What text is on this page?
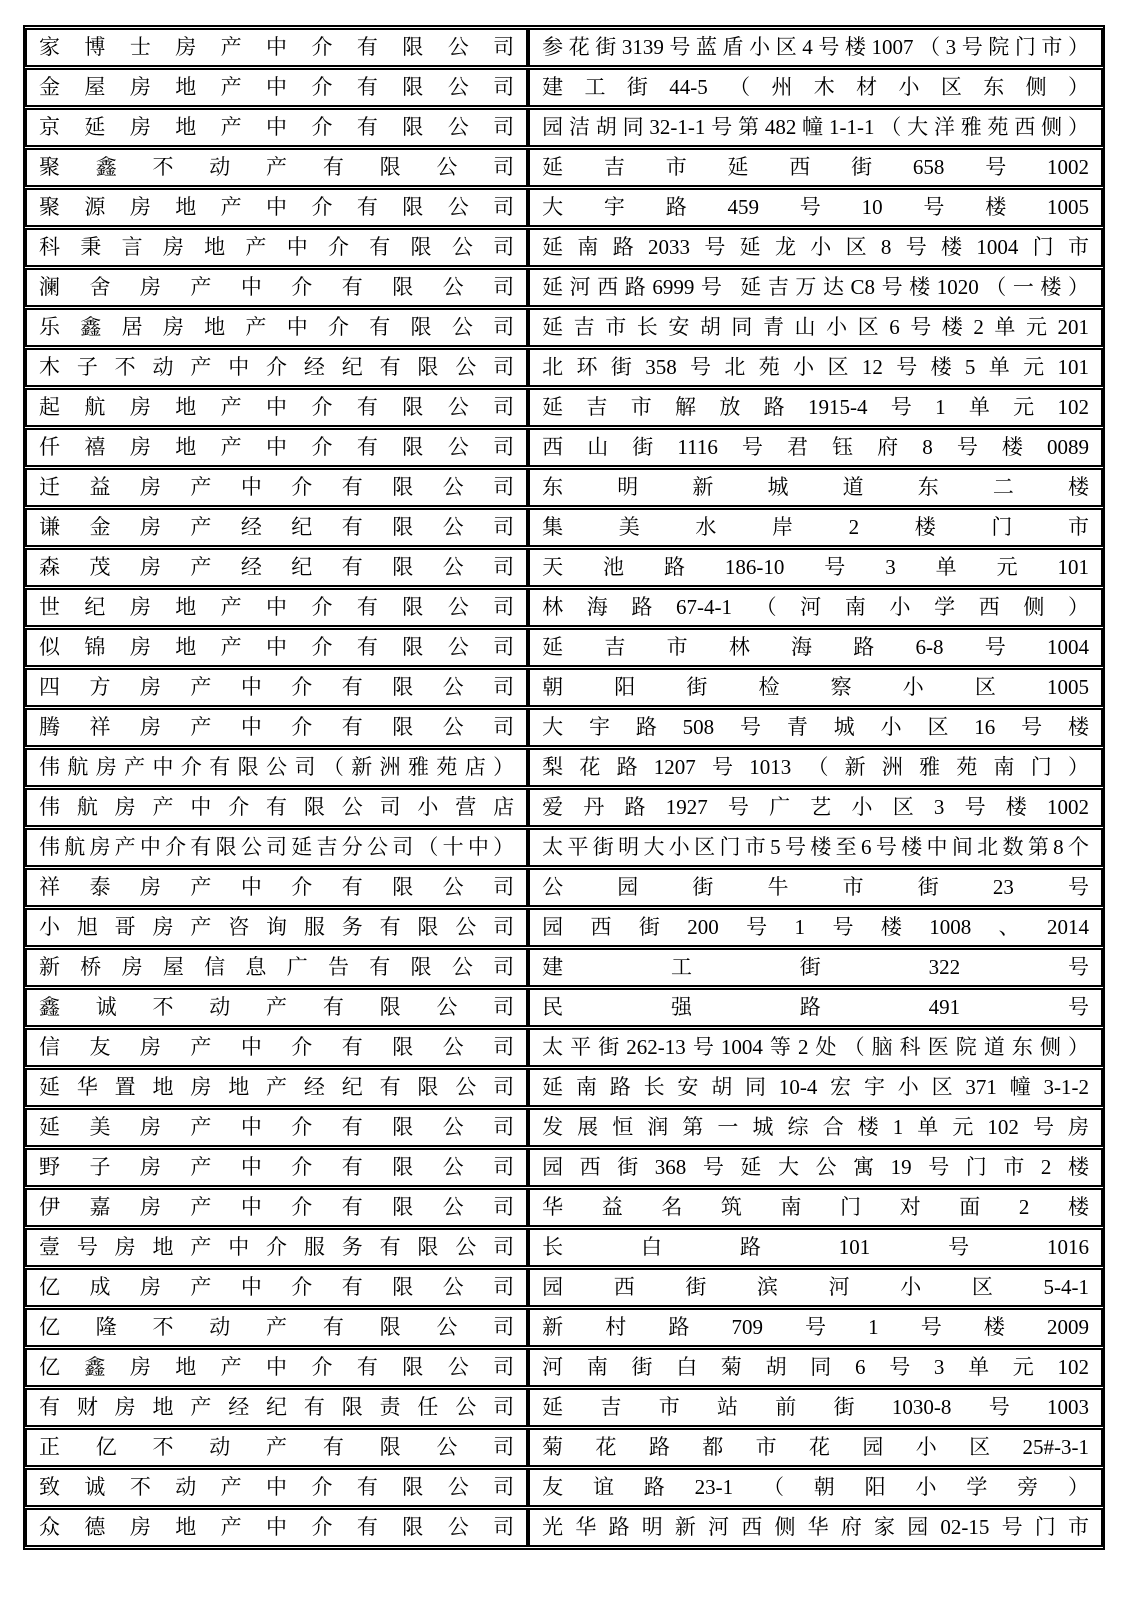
家博士房产中介有限公司	参花街3139号蓝盾小区4号楼1007（3号院门市）
金屋房地产中介有限公司	建工街44-5（州木材小区东侧）
京延房地产中介有限公司	园洁胡同32-1-1号第482幢1-1-1（大洋雅苑西侧）
聚鑫不动产有限公司	延吉市延西街658号1002
聚源房地产中介有限公司	大宇路459号10号楼1005
科秉言房地产中介有限公司	延南路2033号延龙小区8号楼1004门市
澜舍房产中介有限公司	延河西路6999号 延吉万达C8号楼1020（一楼）
乐鑫居房地产中介有限公司	延吉市长安胡同青山小区6号楼2单元201
木子不动产中介经纪有限公司	北环街358号北苑小区12号楼5单元101
起航房地产中介有限公司	延吉市解放路1915-4号1单元102
仟禧房地产中介有限公司	西山街1116号君钰府8号楼0089
迁益房产中介有限公司	东明新城道东二楼
谦金房产经纪有限公司	集美水岸2楼门市
森茂房产经纪有限公司	天池路186-10号3单元101
世纪房地产中介有限公司	林海路67-4-1（河南小学西侧）
似锦房地产中介有限公司	延吉市林海路6-8号1004
四方房产中介有限公司	朝阳街检察小区1005
腾祥房产中介有限公司	大宇路508号青城小区16号楼
伟航房产中介有限公司（新洲雅苑店）	梨花路1207号1013（新洲雅苑南门）
伟航房产中介有限公司小营店	爱丹路1927号广艺小区3号楼1002
伟航房产中介有限公司延吉分公司（十中）	太平街明大小区门市5号楼至6号楼中间北数第8个
祥泰房产中介有限公司	公园街牛市街23号
小旭哥房产咨询服务有限公司	园西街200号1号楼1008、2014
新桥房屋信息广告有限公司	建工街322号
鑫诚不动产有限公司	民强路491号
信友房产中介有限公司	太平街262-13号1004等2处（脑科医院道东侧）
延华置地房地产经纪有限公司	延南路长安胡同10-4宏宇小区371幢3-1-2
延美房产中介有限公司	发展恒润第一城综合楼1单元102号房
野子房产中介有限公司	园西街368号延大公寓19号门市2楼
伊嘉房产中介有限公司	华益名筑南门对面2楼
壹号房地产中介服务有限公司	长白路101号1016
亿成房产中介有限公司	园西街滨河小区5-4-1
亿隆不动产有限公司	新村路709号1号楼2009
亿鑫房地产中介有限公司	河南街白菊胡同6号3单元102
有财房地产经纪有限责任公司	延吉市站前街1030-8号1003
正亿不动产有限公司	菊花路都市花园小区25#-3-1
致诚不动产中介有限公司	友谊路23-1（朝阳小学旁）
众德房地产中介有限公司	光华路明新河西侧华府家园02-15号门市
